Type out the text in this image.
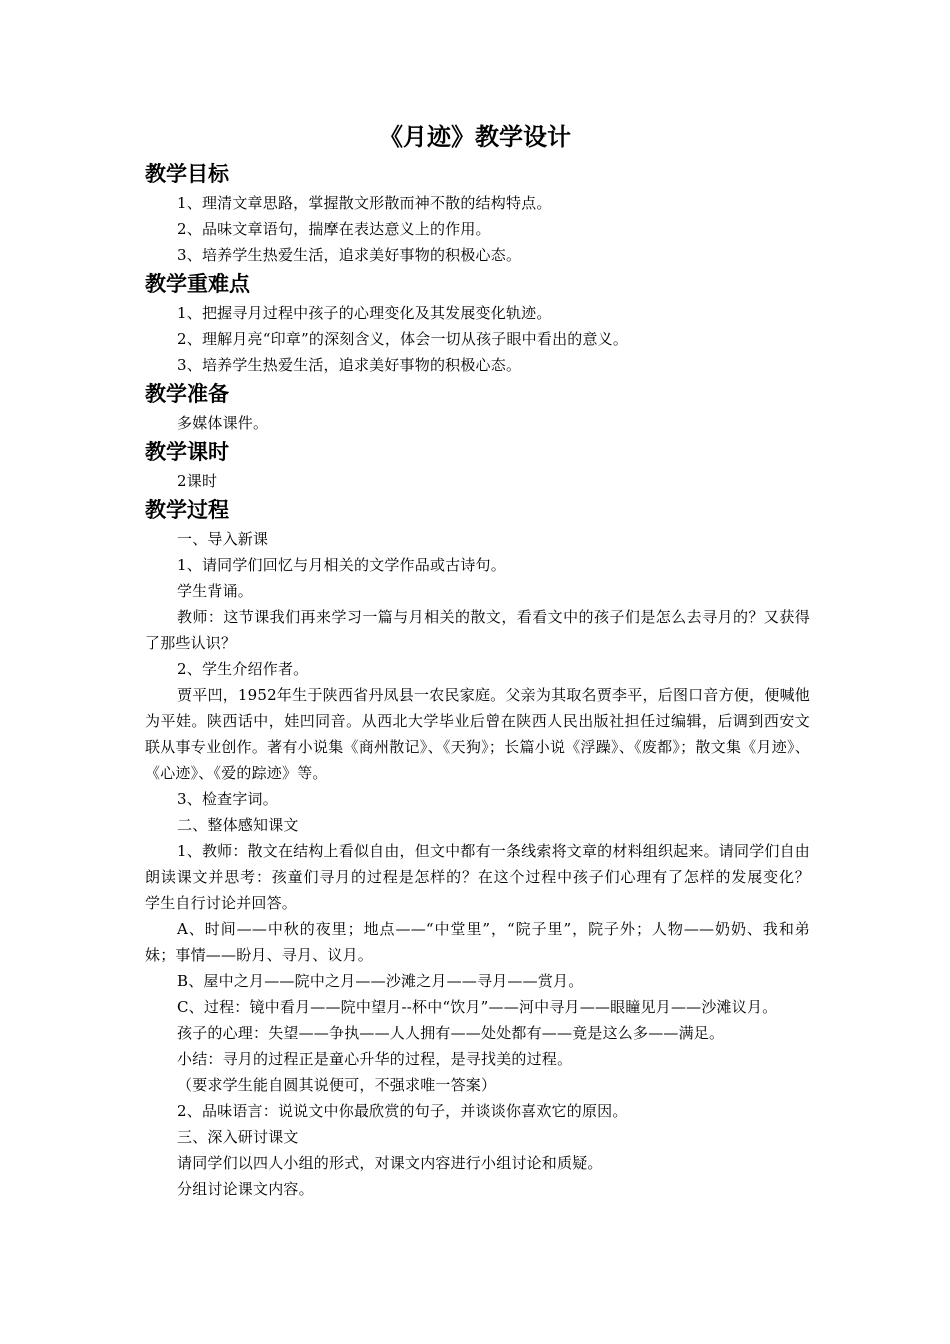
《月迹》教学设计
教学目标

1、理清文章思路，掌握散文形散而神不散的结构特点。

2、品味文章语句，揣摩在表达意义上的作用。

3、培养学生热爱生活，追求美好事物的积极心态。

教学重难点

1、把握寻月过程中孩子的心理变化及其发展变化轨迹。

2、理解月亮“印章”的深刻含义，体会一切从孩子眼中看出的意义。

3、培养学生热爱生活，追求美好事物的积极心态。

教学准备

多媒体课件。

教学课时

2课时

教学过程

一、导入新课

1、请同学们回忆与月相关的文学作品或古诗句。

学生背诵。

教师：这节课我们再来学习一篇与月相关的散文，看看文中的孩子们是怎么去寻月的？又获得了那些认识？

2、学生介绍作者。

贾平凹，1952年生于陕西省丹凤县一农民家庭。父亲为其取名贾李平，后图口音方便，便喊他为平娃。陕西话中，娃凹同音。从西北大学毕业后曾在陕西人民出版社担任过编辑，后调到西安文联从事专业创作。著有小说集《商州散记》、《天狗》；长篇小说《浮躁》、《废都》；散文集《月迹》、《心迹》、《爱的踪迹》等。

3、检查字词。

二、整体感知课文

1、教师：散文在结构上看似自由，但文中都有一条线索将文章的材料组织起来。请同学们自由朗读课文并思考：孩童们寻月的过程是怎样的？在这个过程中孩子们心理有了怎样的发展变化？　学生自行讨论并回答。

A、时间——中秋的夜里；地点——“中堂里”，“院子里”，院子外；人物——奶奶、我和弟妹；事情——盼月、寻月、议月。

B、屋中之月——院中之月——沙滩之月——寻月——赏月。

C、过程：镜中看月——院中望月--杯中“饮月”——河中寻月——眼瞳见月——沙滩议月。

孩子的心理：失望——争执——人人拥有——处处都有——竟是这么多——满足。

小结：寻月的过程正是童心升华的过程，是寻找美的过程。

（要求学生能自圆其说便可，不强求唯一答案）

2、品味语言：说说文中你最欣赏的句子，并谈谈你喜欢它的原因。

三、深入研讨课文

请同学们以四人小组的形式，对课文内容进行小组讨论和质疑。

分组讨论课文内容。
